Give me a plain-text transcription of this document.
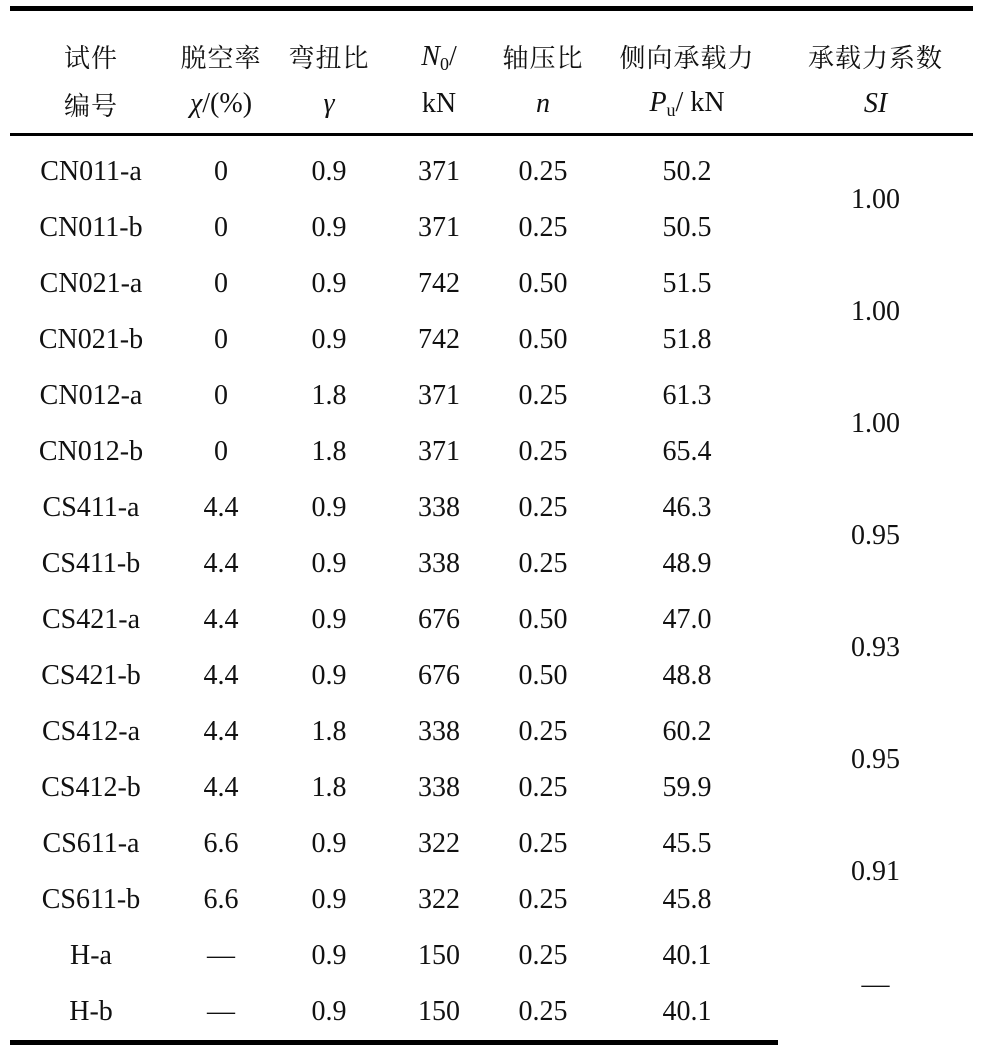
试件	脱空率	弯扭比	$N_0/$	轴压比	侧向承载力	承载力系数
编号	χ/(%)	γ	kN	n	$P_u/$ kN	SI
CN011-a	0	0.9	371	0.25	50.2	1.00
CN011-b	0	0.9	371	0.25	50.5	
CN021-a	0	0.9	742	0.50	51.5	1.00
CN021-b	0	0.9	742	0.50	51.8	
CN012-a	0	1.8	371	0.25	61.3	1.00
CN012-b	0	1.8	371	0.25	65.4	
CS411-a	4.4	0.9	338	0.25	46.3	0.95
CS411-b	4.4	0.9	338	0.25	48.9	
CS421-a	4.4	0.9	676	0.50	47.0	0.93
CS421-b	4.4	0.9	676	0.50	48.8	
CS412-a	4.4	1.8	338	0.25	60.2	0.95
CS412-b	4.4	1.8	338	0.25	59.9	
CS611-a	6.6	0.9	322	0.25	45.5	0.91
CS611-b	6.6	0.9	322	0.25	45.8	
H-a	—	0.9	150	0.25	40.1	—
H-b	—	0.9	150	0.25	40.1	
